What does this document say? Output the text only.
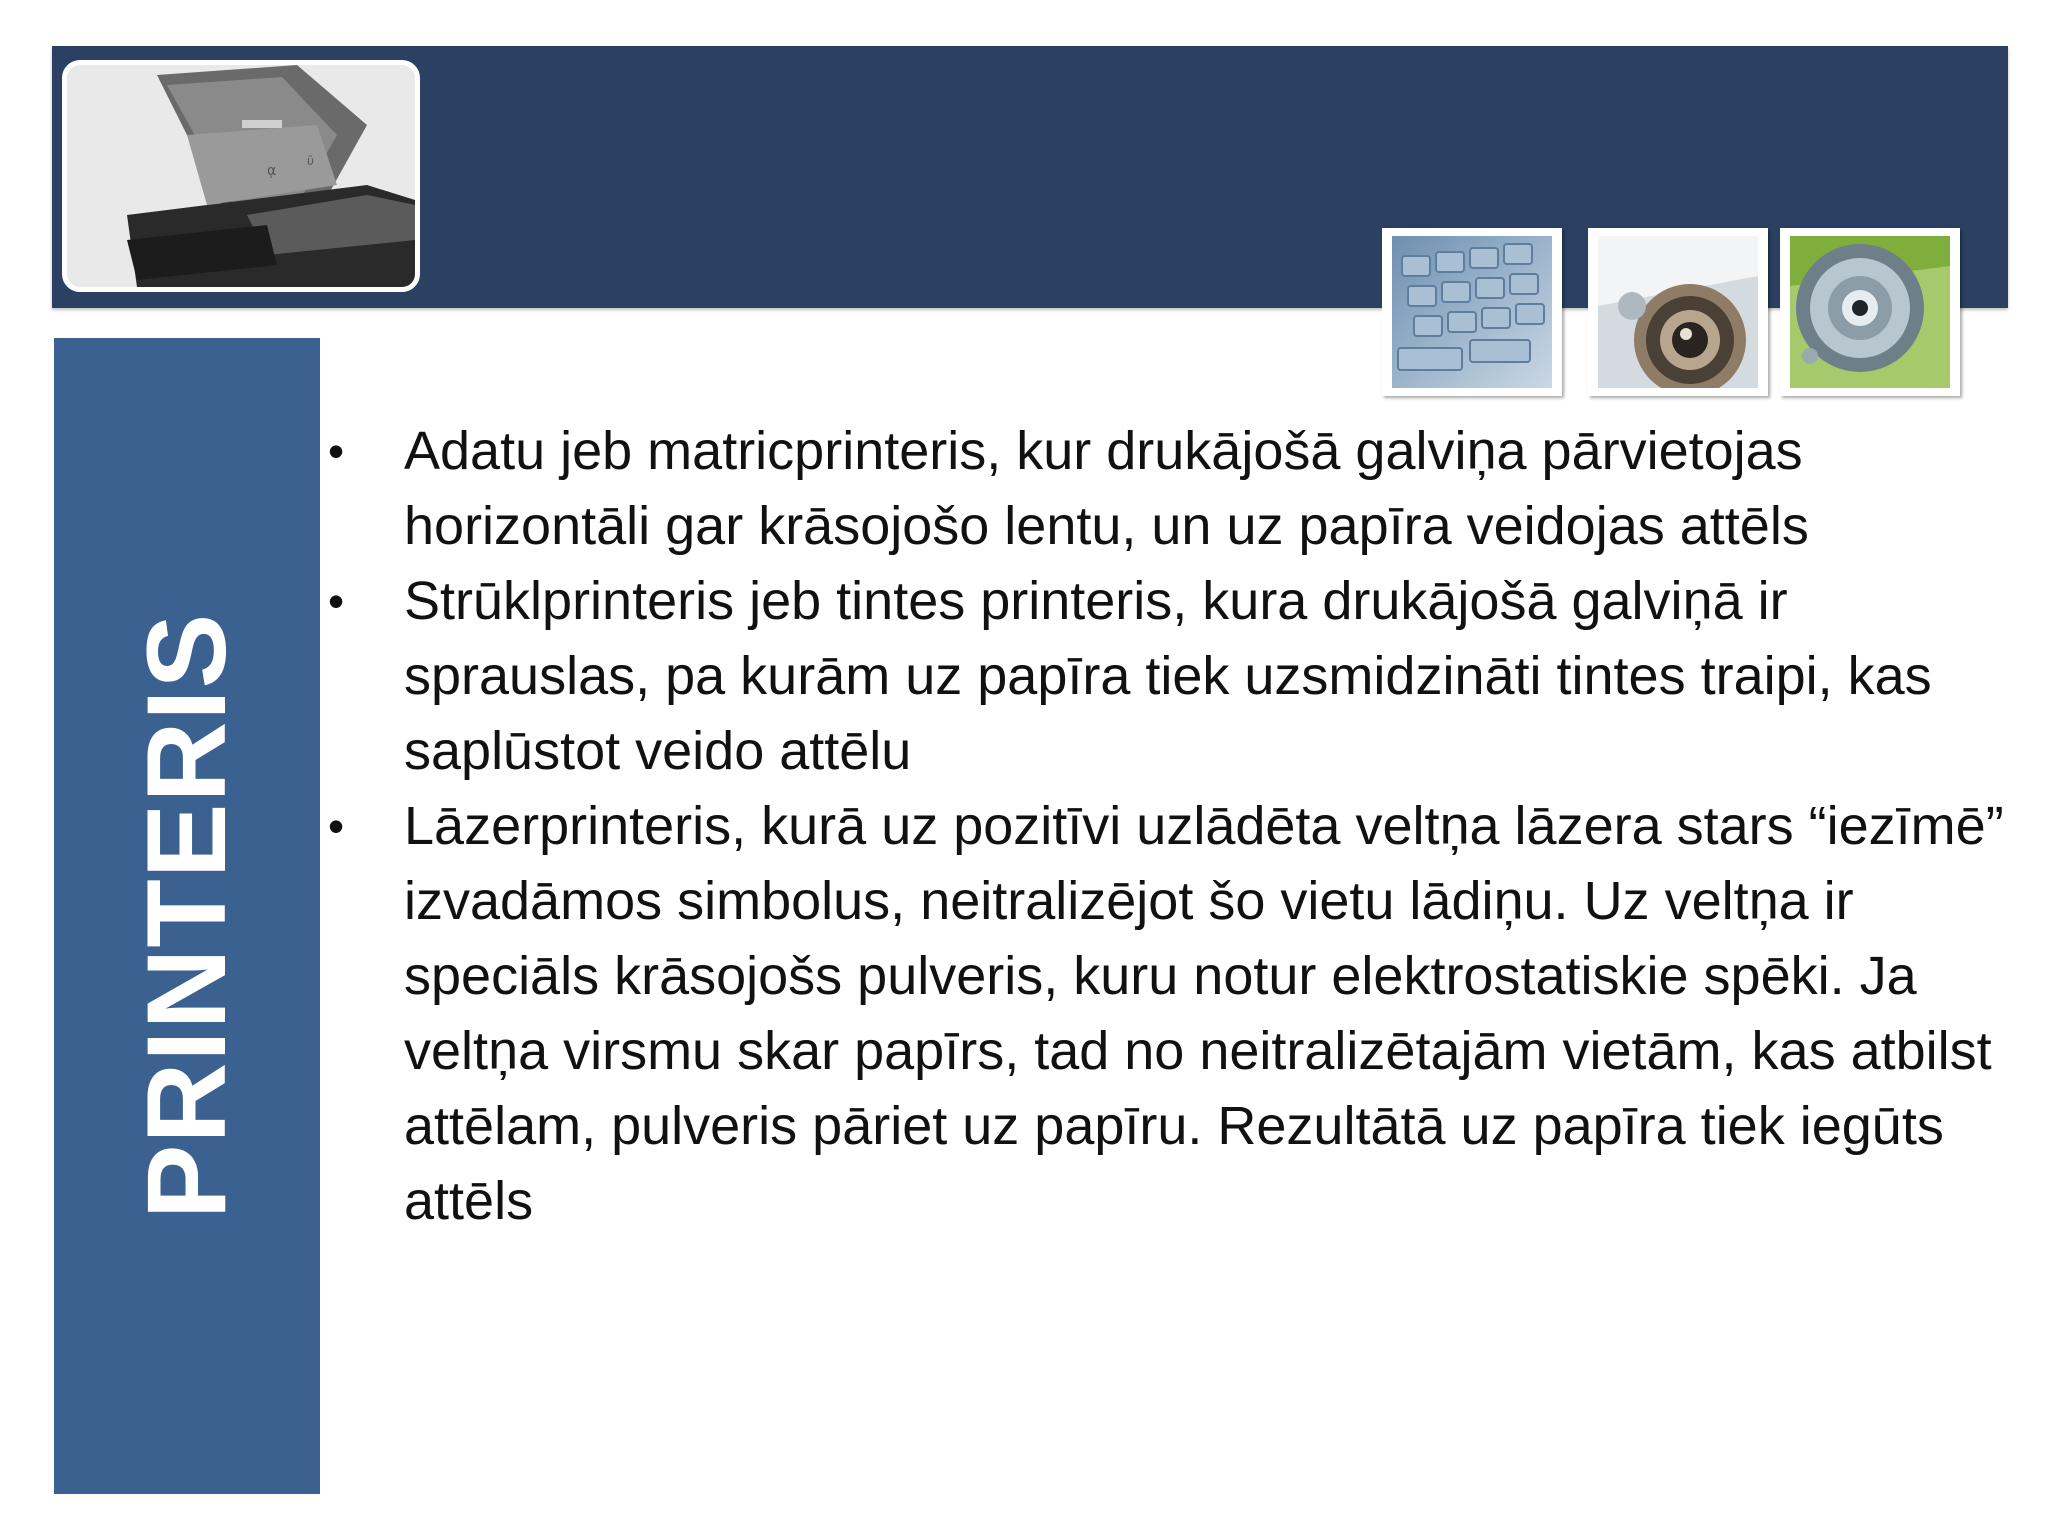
ᾳ
ϋ
PRINTERIS
• Adatu jeb matricprinteris, kur drukājošā galviņa pārvietojas horizontāli gar krāsojošo lentu, un uz papīra veidojas attēls
• Strūklprinteris jeb tintes printeris, kura drukājošā galviņā ir sprauslas, pa kurām uz papīra tiek uzsmidzināti tintes traipi, kas saplūstot veido attēlu
• Lāzerprinteris, kurā uz pozitīvi uzlādēta veltņa lāzera stars “iezīmē” izvadāmos simbolus, neitralizējot šo vietu lādiņu. Uz veltņa ir speciāls krāsojošs pulveris, kuru notur elektrostatiskie spēki. Ja veltņa virsmu skar papīrs, tad no neitralizētajām vietām, kas atbilst attēlam, pulveris pāriet uz papīru. Rezultātā uz papīra tiek iegūts attēls
